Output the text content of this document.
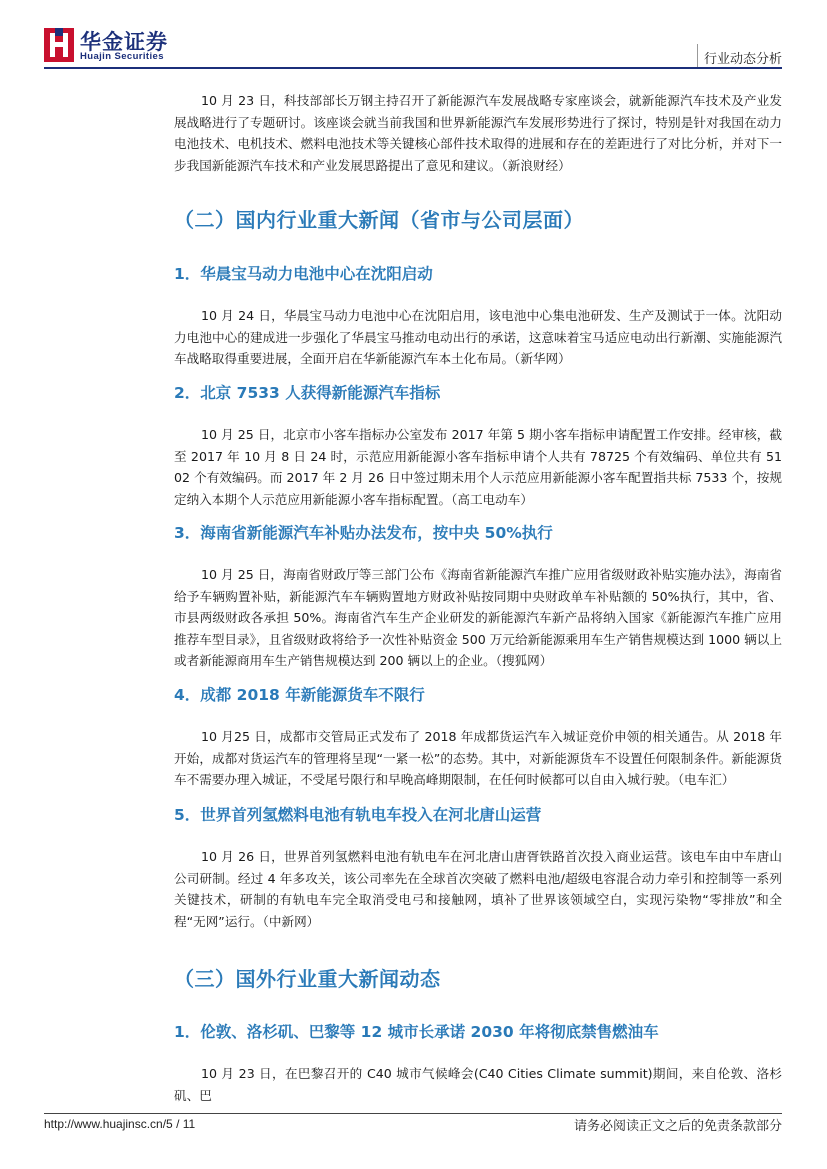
华金证券
Huajin Securities	行业动态分析

10 月 23 日，科技部部长万钢主持召开了新能源汽车发展战略专家座谈会，就新能源汽车技术及产业发展战略进行了专题研讨。该座谈会就当前我国和世界新能源汽车发展形势进行了探讨，特别是针对我国在动力电池技术、电机技术、燃料电池技术等关键核心部件技术取得的进展和存在的差距进行了对比分析，并对下一步我国新能源汽车技术和产业发展思路提出了意见和建议。（新浪财经）

（二）国内行业重大新闻（省市与公司层面）
1．华晨宝马动力电池中心在沈阳启动

10 月 24 日，华晨宝马动力电池中心在沈阳启用，该电池中心集电池研发、生产及测试于一体。沈阳动力电池中心的建成进一步强化了华晨宝马推动电动出行的承诺，这意味着宝马适应电动出行新潮、实施能源汽车战略取得重要进展，全面开启在华新能源汽车本土化布局。（新华网）

2．北京 7533 人获得新能源汽车指标

10 月 25 日，北京市小客车指标办公室发布 2017 年第 5 期小客车指标申请配置工作安排。经审核，截至 2017 年 10 月 8 日 24 时，示范应用新能源小客车指标申请个人共有 78725 个有效编码、单位共有 5102 个有效编码。而 2017 年 2 月 26 日中签过期未用个人示范应用新能源小客车配置指共标 7533 个，按规定纳入本期个人示范应用新能源小客车指标配置。（高工电动车）

3．海南省新能源汽车补贴办法发布，按中央 50%执行

10 月 25 日，海南省财政厅等三部门公布《海南省新能源汽车推广应用省级财政补贴实施办法》，海南省给予车辆购置补贴，新能源汽车车辆购置地方财政补贴按同期中央财政单车补贴额的 50%执行，其中，省、市县两级财政各承担 50%。海南省汽车生产企业研发的新能源汽车新产品将纳入国家《新能源汽车推广应用推荐车型目录》，且省级财政将给予一次性补贴资金 500 万元给新能源乘用车生产销售规模达到 1000 辆以上或者新能源商用车生产销售规模达到 200 辆以上的企业。（搜狐网）

4．成都 2018 年新能源货车不限行

10 月25 日，成都市交管局正式发布了 2018 年成都货运汽车入城证竞价申领的相关通告。从 2018 年开始，成都对货运汽车的管理将呈现“一紧一松”的态势。其中，对新能源货车不设置任何限制条件。新能源货车不需要办理入城证，不受尾号限行和早晚高峰期限制，在任何时候都可以自由入城行驶。（电车汇）

5．世界首列氢燃料电池有轨电车投入在河北唐山运营

10 月 26 日，世界首列氢燃料电池有轨电车在河北唐山唐胥铁路首次投入商业运营。该电车由中车唐山公司研制。经过 4 年多攻关，该公司率先在全球首次突破了燃料电池/超级电容混合动力牵引和控制等一系列关键技术，研制的有轨电车完全取消受电弓和接触网，填补了世界该领域空白，实现污染物“零排放”和全程“无网”运行。（中新网）

（三）国外行业重大新闻动态
1．伦敦、洛杉矶、巴黎等 12 城市长承诺 2030 年将彻底禁售燃油车

10 月 23 日，在巴黎召开的 C40 城市气候峰会(C40 Cities Climate summit)期间，来自伦敦、洛杉矶、巴

http://www.huajinsc.cn/5 / 11	请务必阅读正文之后的免责条款部分
